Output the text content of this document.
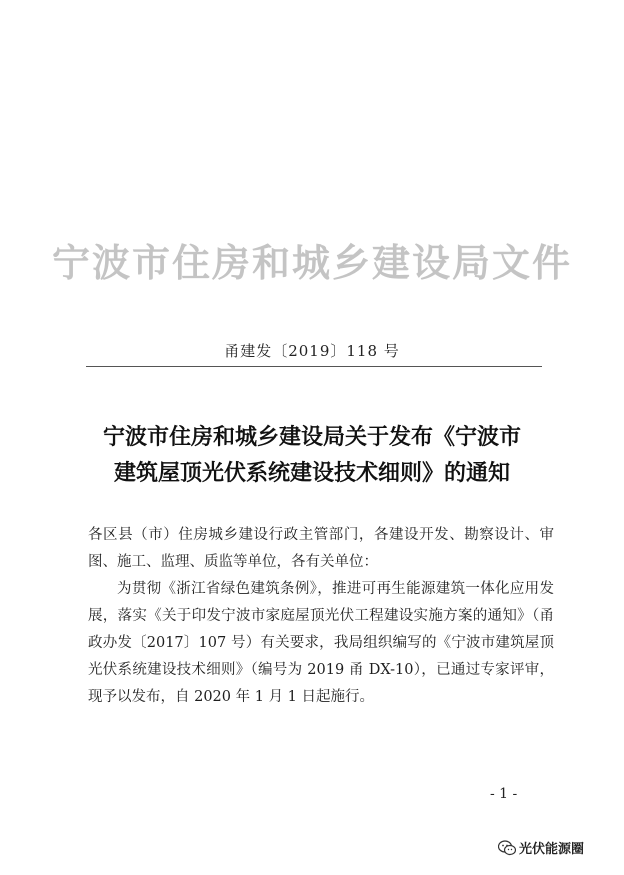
宁波市住房和城乡建设局文件
甬建发〔2019〕118 号
宁波市住房和城乡建设局关于发布《宁波市
建筑屋顶光伏系统建设技术细则》的通知

各区县（市）住房城乡建设行政主管部门，各建设开发、勘察设计、审图、施工、监理、质监等单位，各有关单位：

为贯彻《浙江省绿色建筑条例》，推进可再生能源建筑一体化应用发展，落实《关于印发宁波市家庭屋顶光伏工程建设实施方案的通知》（甬政办发〔2017〕107 号）有关要求，我局组织编写的《宁波市建筑屋顶光伏系统建设技术细则》（编号为 2019 甬 DX-10），已通过专家评审，现予以发布，自 2020 年 1 月 1 日起施行。

- 1 -
光伏能源圈
